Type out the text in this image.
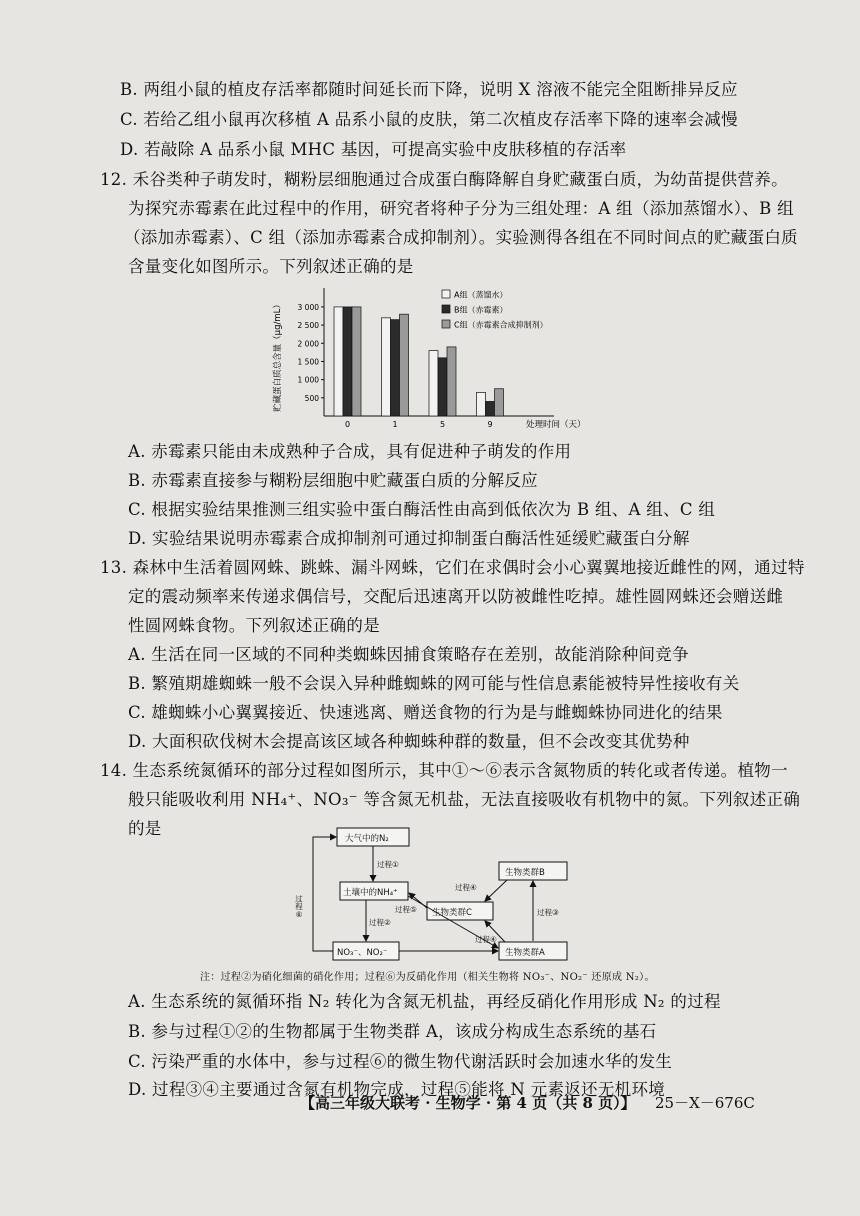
B. 两组小鼠的植皮存活率都随时间延长而下降，说明 X 溶液不能完全阻断排异反应
C. 若给乙组小鼠再次移植 A 品系小鼠的皮肤，第二次植皮存活率下降的速率会减慢
D. 若敲除 A 品系小鼠 MHC 基因，可提高实验中皮肤移植的存活率
12. 禾谷类种子萌发时，糊粉层细胞通过合成蛋白酶降解自身贮藏蛋白质，为幼苗提供营养。
为探究赤霉素在此过程中的作用，研究者将种子分为三组处理：A 组（添加蒸馏水）、B 组
（添加赤霉素）、C 组（添加赤霉素合成抑制剂）。实验测得各组在不同时间点的贮藏蛋白质
含量变化如图所示。下列叙述正确的是
贮藏蛋白质总含量（μg/mL）	500
1 000
1 500
2 000
2 500
3 000
0	1	5	9	处理时间（天）
A组（蒸馏水）
B组（赤霉素）
C组（赤霉素合成抑制剂）
A. 赤霉素只能由未成熟种子合成，具有促进种子萌发的作用
B. 赤霉素直接参与糊粉层细胞中贮藏蛋白质的分解反应
C. 根据实验结果推测三组实验中蛋白酶活性由高到低依次为 B 组、A 组、C 组
D. 实验结果说明赤霉素合成抑制剂可通过抑制蛋白酶活性延缓贮藏蛋白分解
13. 森林中生活着圆网蛛、跳蛛、漏斗网蛛，它们在求偶时会小心翼翼地接近雌性的网，通过特
定的震动频率来传递求偶信号，交配后迅速离开以防被雌性吃掉。雄性圆网蛛还会赠送雌
性圆网蛛食物。下列叙述正确的是
A. 生活在同一区域的不同种类蜘蛛因捕食策略存在差别，故能消除种间竞争
B. 繁殖期雄蜘蛛一般不会误入异种雌蜘蛛的网可能与性信息素能被特异性接收有关
C. 雄蜘蛛小心翼翼接近、快速逃离、赠送食物的行为是与雌蜘蛛协同进化的结果
D. 大面积砍伐树木会提高该区域各种蜘蛛种群的数量，但不会改变其优势种
14. 生态系统氮循环的部分过程如图所示，其中①～⑥表示含氮物质的转化或者传递。植物一
般只能吸收利用 NH₄⁺、NO₃⁻ 等含氮无机盐，无法直接吸收有机物中的氮。下列叙述正确
的是
大气中的N₂
土壤中的NH₄⁺
NO₃⁻、NO₂⁻
生物类群B
生物类群C
生物类群A
过程①
过程②
过程③
过程④
过程④
过程⑤
过程⑥
注：过程②为硝化细菌的硝化作用；过程⑥为反硝化作用（相关生物将 NO₃⁻、NO₂⁻ 还原成 N₂）。
A. 生态系统的氮循环指 N₂ 转化为含氮无机盐，再经反硝化作用形成 N₂ 的过程
B. 参与过程①②的生物都属于生物类群 A，该成分构成生态系统的基石
C. 污染严重的水体中，参与过程⑥的微生物代谢活跃时会加速水华的发生
D. 过程③④主要通过含氮有机物完成，过程⑤能将 N 元素返还无机环境
【高三年级大联考 · 生物学 · 第 4 页（共 8 页）】 25－X－676C
